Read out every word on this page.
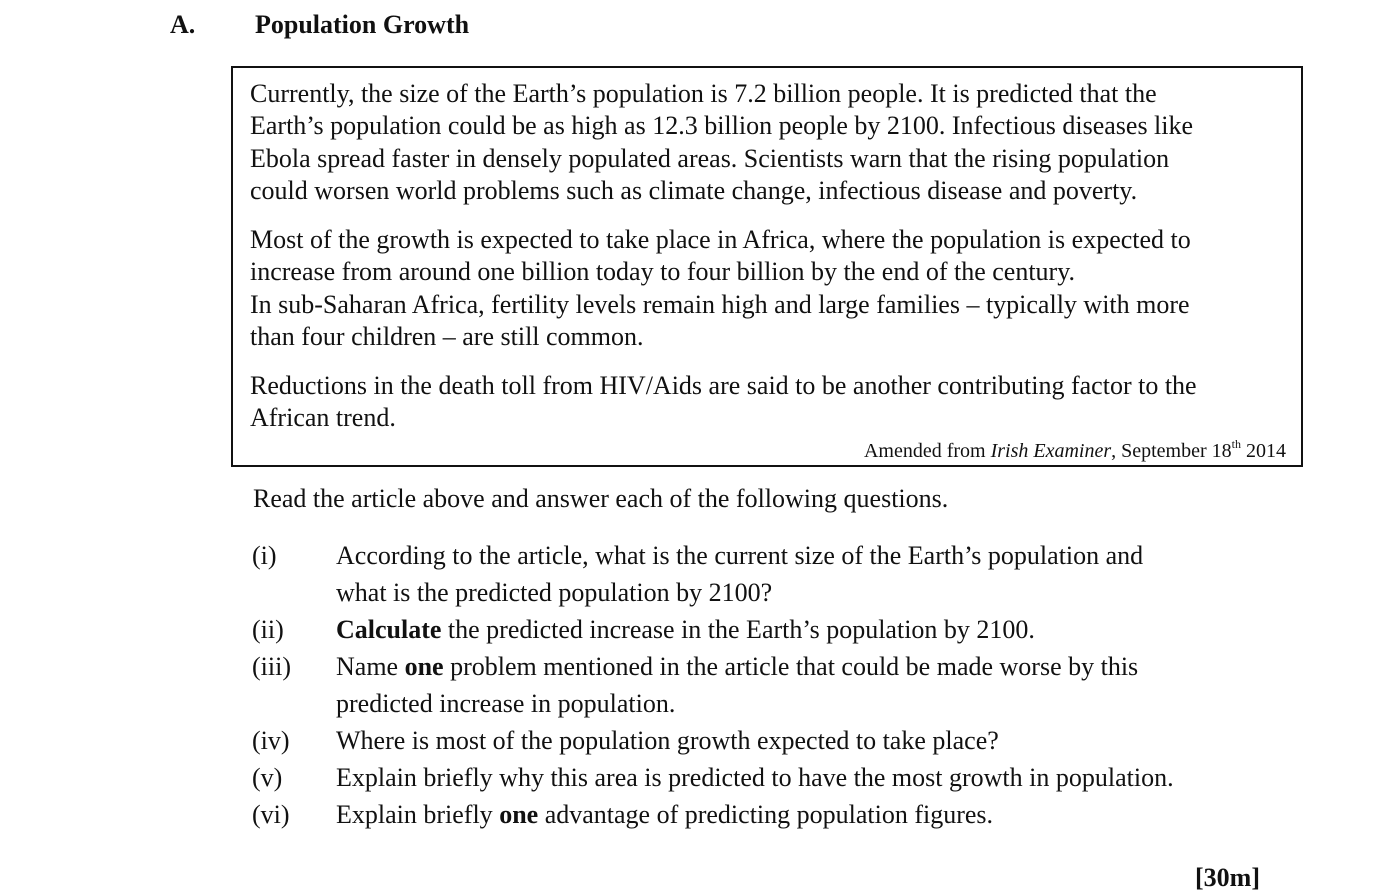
A. Population Growth
Currently, the size of the Earth’s population is 7.2 billion people. It is predicted that the
Earth’s population could be as high as 12.3 billion people by 2100. Infectious diseases like
Ebola spread faster in densely populated areas. Scientists warn that the rising population
could worsen world problems such as climate change, infectious disease and poverty.
Most of the growth is expected to take place in Africa, where the population is expected to
increase from around one billion today to four billion by the end of the century.
In sub-Saharan Africa, fertility levels remain high and large families – typically with more
than four children – are still common.
Reductions in the death toll from HIV/Aids are said to be another contributing factor to the
African trend.
Amended from Irish Examiner, September 18th 2014
Read the article above and answer each of the following questions.
(i) According to the article, what is the current size of the Earth’s population and
what is the predicted population by 2100?
(ii) Calculate the predicted increase in the Earth’s population by 2100.
(iii) Name one problem mentioned in the article that could be made worse by this
predicted increase in population.
(iv) Where is most of the population growth expected to take place?
(v) Explain briefly why this area is predicted to have the most growth in population.
(vi) Explain briefly one advantage of predicting population figures.
[30m]
